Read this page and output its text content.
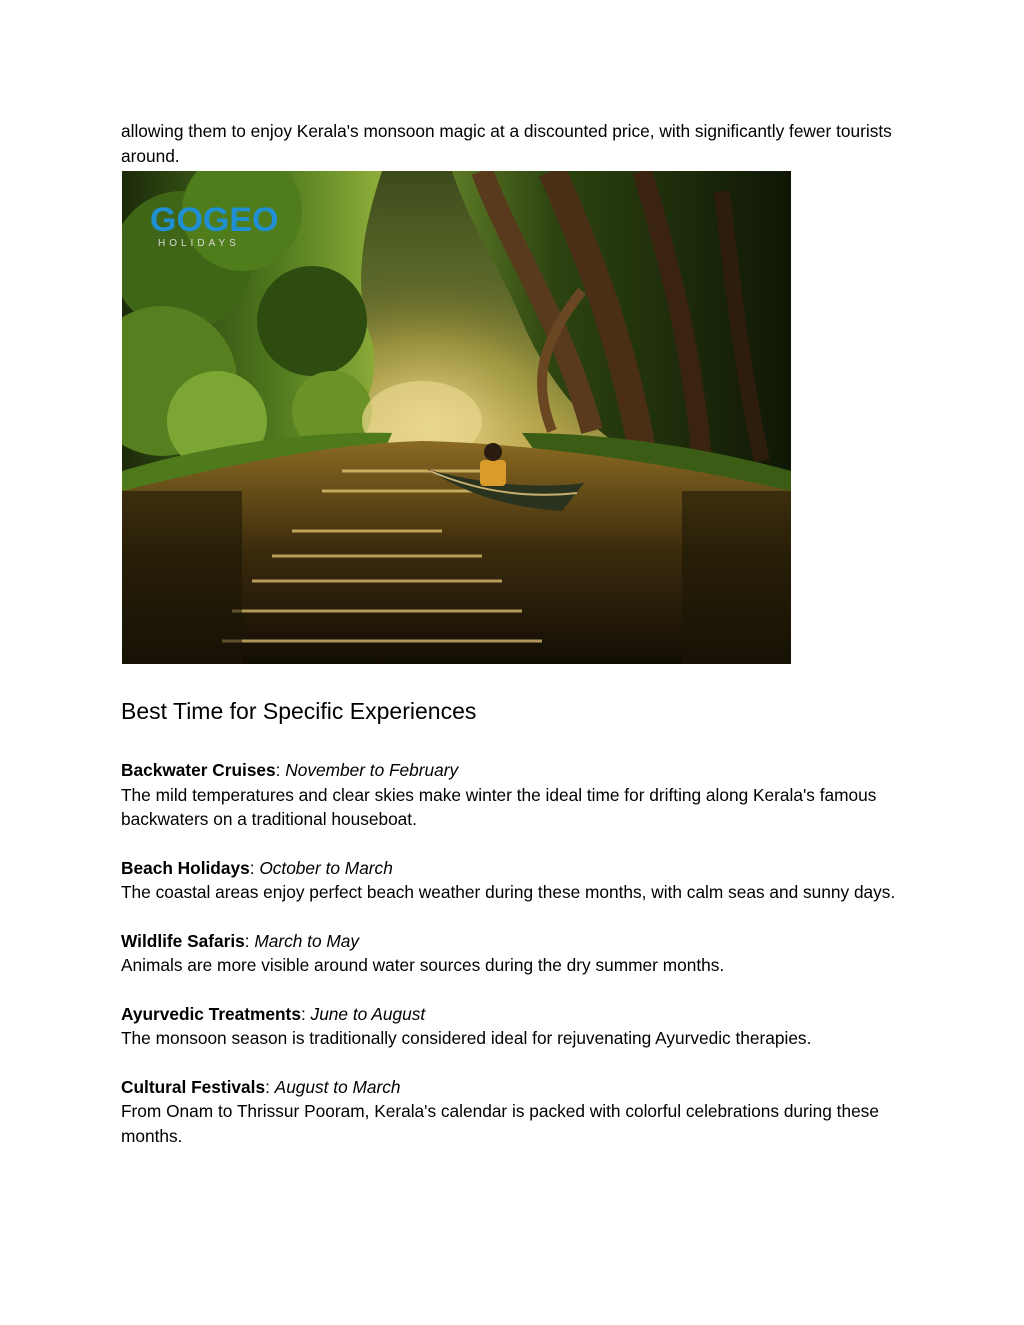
allowing them to enjoy Kerala's monsoon magic at a discounted price, with significantly fewer tourists around.

GOGEO
HOLIDAYS
Best Time for Specific Experiences

Backwater Cruises: November to February
The mild temperatures and clear skies make winter the ideal time for drifting along Kerala's famous backwaters on a traditional houseboat.

Beach Holidays: October to March
The coastal areas enjoy perfect beach weather during these months, with calm seas and sunny days.

Wildlife Safaris: March to May
Animals are more visible around water sources during the dry summer months.

Ayurvedic Treatments: June to August
The monsoon season is traditionally considered ideal for rejuvenating Ayurvedic therapies.

Cultural Festivals: August to March
From Onam to Thrissur Pooram, Kerala's calendar is packed with colorful celebrations during these months.
